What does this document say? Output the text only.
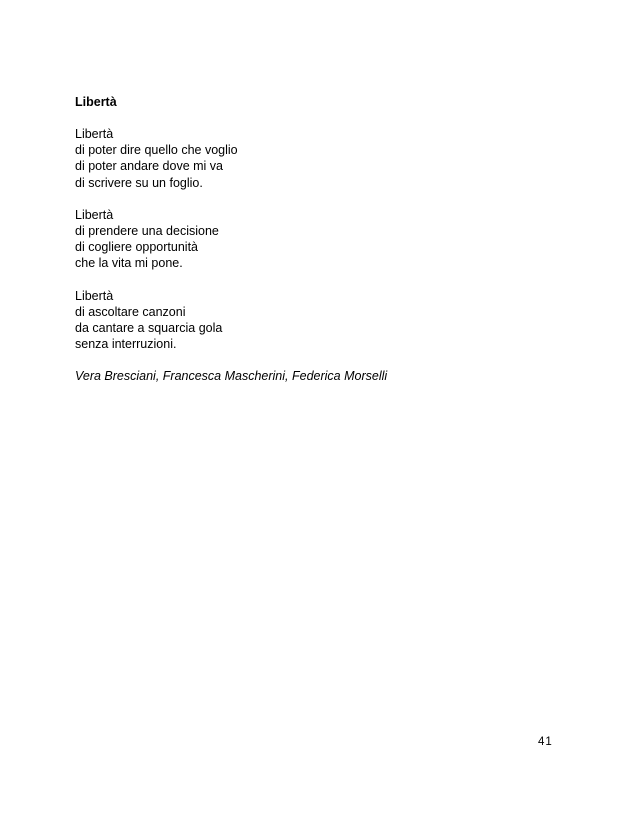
Libertà
Libertà
di poter dire quello che voglio
di poter andare dove mi va
di scrivere su un foglio.
Libertà
di prendere una decisione
di cogliere opportunità
che la vita mi pone.
Libertà
di ascoltare canzoni
da cantare a squarcia gola
senza interruzioni.
Vera Bresciani, Francesca Mascherini, Federica Morselli
41
